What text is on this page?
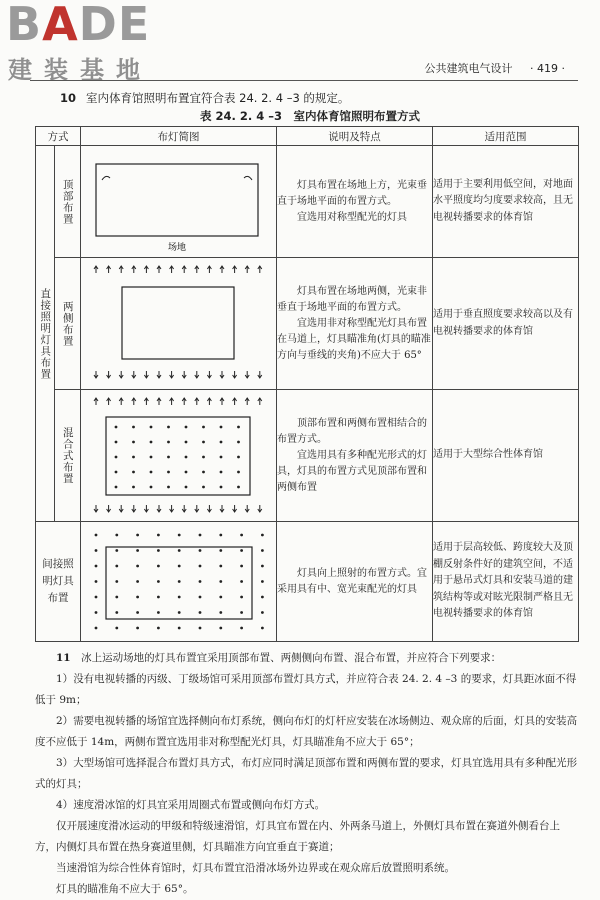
BADE
建装基地	公共建筑电气设计 · 419 ·
10 室内体育馆照明布置宜符合表 24. 2. 4 –3 的规定。
表 24. 2. 4 –3　室内体育馆照明布置方式
方式		布灯简图	说明及特点	适用范围

直接照明灯具布置	顶部布置	场地	灯具布置在场地上方，光束垂直于场地平面的布置方式。

宜选用对称型配光的灯具	适用于主要利用低空间，对地面水平照度均匀度要求较高，且无电视转播要求的体育馆

	两侧布置		灯具布置在场地两侧，光束非垂直于场地平面的布置方式。

宜选用非对称型配光灯具布置在马道上，灯具瞄准角(灯具的瞄准方向与垂线的夹角)不应大于 65°	适用于垂直照度要求较高以及有电视转播要求的体育馆

	混合式布置		顶部布置和两侧布置相结合的布置方式。

宜选用具有多种配光形式的灯具，灯具的布置方式见顶部布置和两侧布置	适用于大型综合性体育馆

间接照明灯具布置			灯具向上照射的布置方式。宜采用具有中、宽光束配光的灯具	适用于层高较低、跨度较大及顶棚反射条件好的建筑空间，不适用于悬吊式灯具和安装马道的建筑结构等或对眩光限制严格且无电视转播要求的体育馆

11　 冰上运动场地的灯具布置宜采用顶部布置、两侧侧向布置、混合布置，并应符合下列要求：

1）没有电视转播的丙级、丁级场馆可采用顶部布置灯具方式，并应符合表 24. 2. 4 –3 的要求，灯具距冰面不得低于 9m；

2）需要电视转播的场馆宜选择侧向布灯系统，侧向布灯的灯杆应安装在冰场侧边、观众席的后面，灯具的安装高度不应低于 14m，两侧布置宜选用非对称型配光灯具，灯具瞄准角不应大于 65°；

3）大型场馆可选择混合布置灯具方式，布灯应同时满足顶部布置和两侧布置的要求，灯具宜选用具有多种配光形式的灯具；

4）速度滑冰馆的灯具宜采用周圈式布置或侧向布灯方式。

仅开展速度滑冰运动的甲级和特级速滑馆，灯具宜布置在内、外两条马道上，外侧灯具布置在赛道外侧看台上方，内侧灯具布置在热身赛道里侧，灯具瞄准方向宜垂直于赛道；

当速滑馆为综合性体育馆时，灯具布置宜沿滑冰场外边界或在观众席后放置照明系统。

灯具的瞄准角不应大于 65°。
